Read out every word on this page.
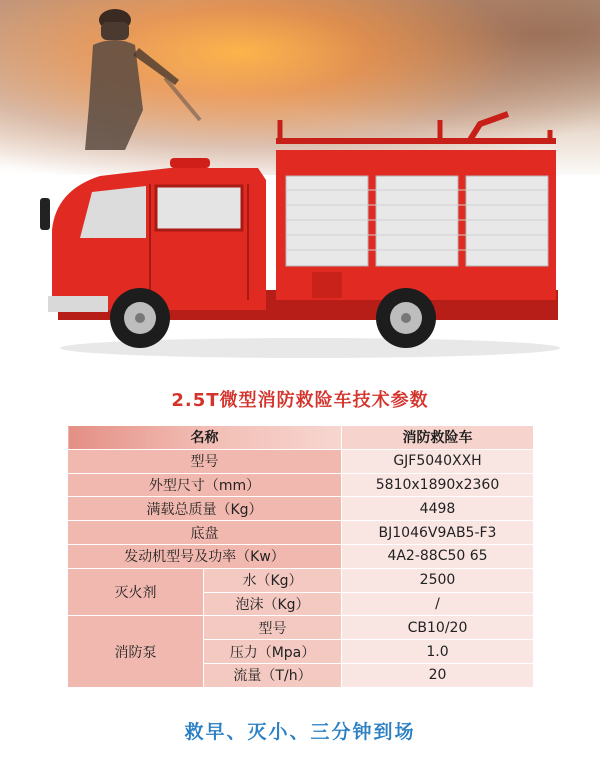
2.5T微型消防救险车技术参数
名称		消防救险车
型号		GJF5040XXH
外型尺寸（mm）		5810x1890x2360
满载总质量（Kg）		4498
底盘		BJ1046V9AB5-F3
发动机型号及功率（Kw）		4A2-88C50 65
灭火剂	水（Kg）	2500
	泡沫（Kg）	/
消防泵	型号	CB10/20
	压力（Mpa）	1.0
	流量（T/h）	20
救早、灭小、三分钟到场
